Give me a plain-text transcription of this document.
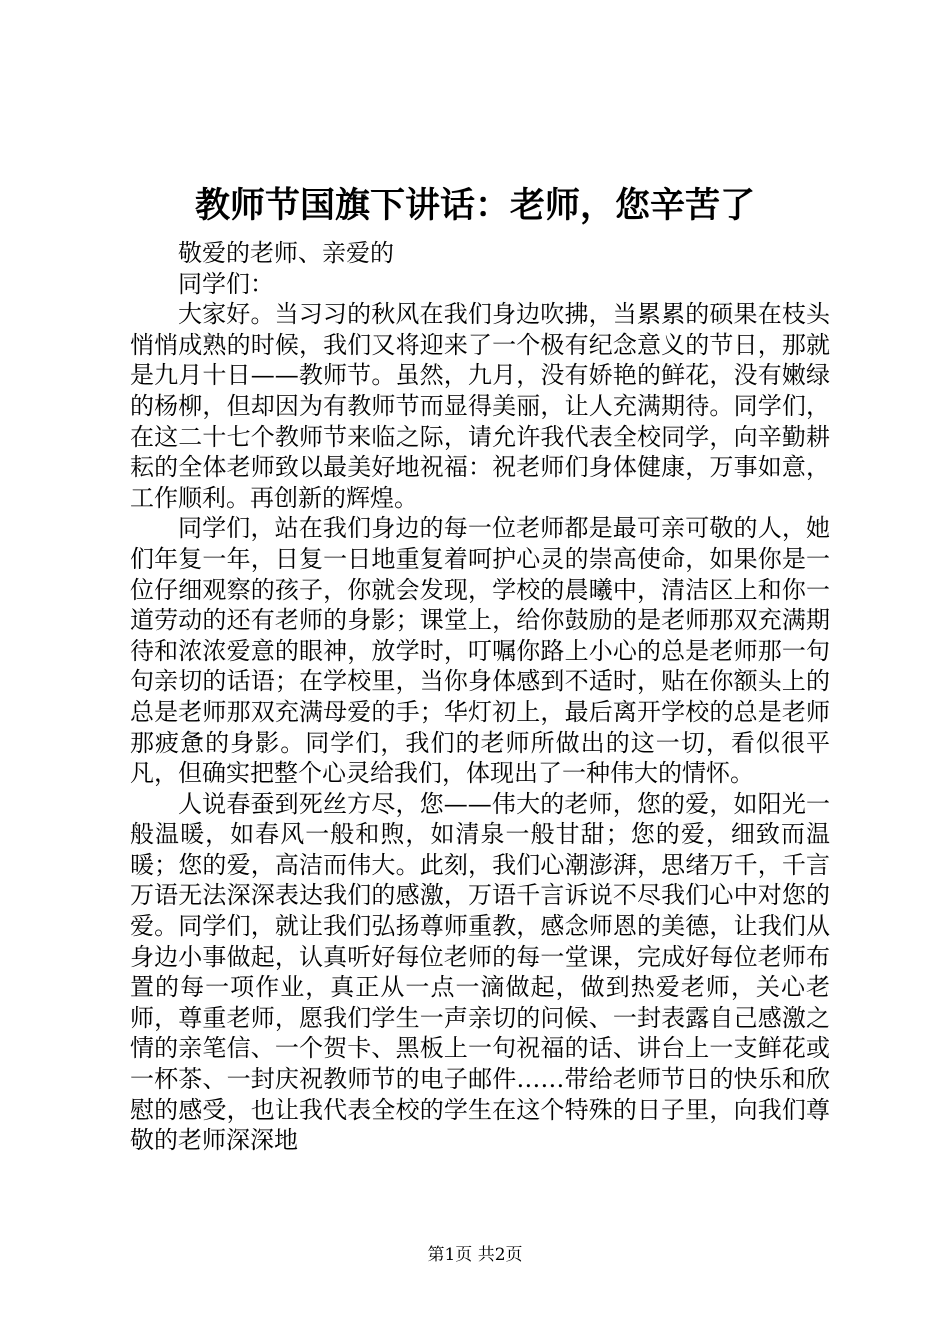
教师节国旗下讲话：老师，您辛苦了

敬爱的老师、亲爱的

同学们：

大家好。当习习的秋风在我们身边吹拂，当累累的硕果在枝头悄悄成熟的时候，我们又将迎来了一个极有纪念意义的节日，那就是九月十日——教师节。虽然，九月，没有娇艳的鲜花，没有嫩绿的杨柳，但却因为有教师节而显得美丽，让人充满期待。同学们，在这二十七个教师节来临之际，请允许我代表全校同学，向辛勤耕耘的全体老师致以最美好地祝福：祝老师们身体健康，万事如意，工作顺利。再创新的辉煌。

同学们，站在我们身边的每一位老师都是最可亲可敬的人，她们年复一年，日复一日地重复着呵护心灵的崇高使命，如果你是一位仔细观察的孩子，你就会发现，学校的晨曦中，清洁区上和你一道劳动的还有老师的身影；课堂上，给你鼓励的是老师那双充满期待和浓浓爱意的眼神，放学时，叮嘱你路上小心的总是老师那一句句亲切的话语；在学校里，当你身体感到不适时，贴在你额头上的总是老师那双充满母爱的手；华灯初上，最后离开学校的总是老师那疲惫的身影。同学们，我们的老师所做出的这一切，看似很平凡，但确实把整个心灵给我们，体现出了一种伟大的情怀。

人说春蚕到死丝方尽，您——伟大的老师，您的爱，如阳光一般温暖，如春风一般和煦，如清泉一般甘甜；您的爱，细致而温暖；您的爱，高洁而伟大。此刻，我们心潮澎湃，思绪万千，千言万语无法深深表达我们的感激，万语千言诉说不尽我们心中对您的爱。同学们，就让我们弘扬尊师重教，感念师恩的美德，让我们从身边小事做起，认真听好每位老师的每一堂课，完成好每位老师布置的每一项作业，真正从一点一滴做起，做到热爱老师，关心老师，尊重老师，愿我们学生一声亲切的问候、一封表露自己感激之情的亲笔信、一个贺卡、黑板上一句祝福的话、讲台上一支鲜花或一杯茶、一封庆祝教师节的电子邮件……带给老师节日的快乐和欣慰的感受，也让我代表全校的学生在这个特殊的日子里，向我们尊敬的老师深深地

第1页 共2页
